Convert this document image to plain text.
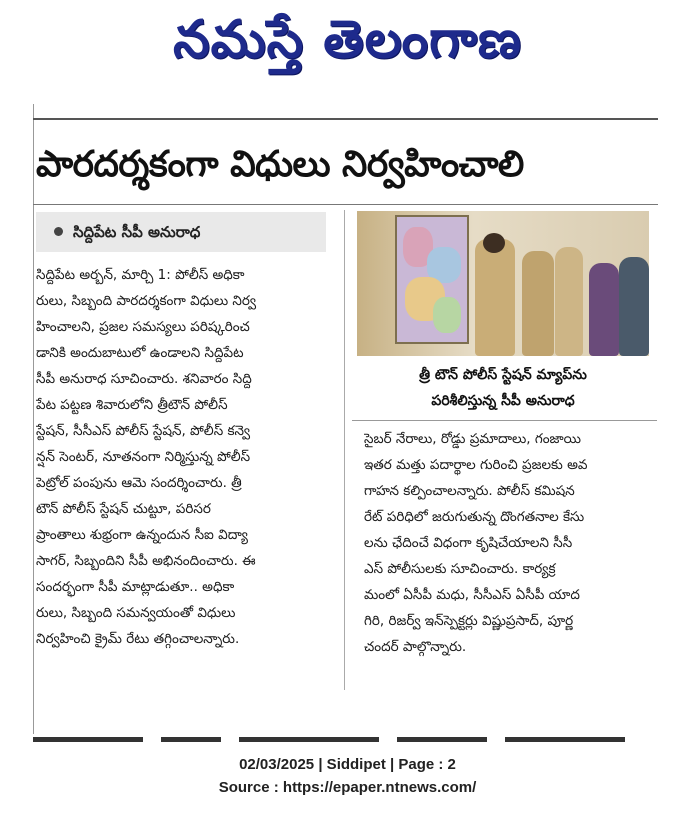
నమస్తే తెలంగాణ
పారదర్శకంగా విధులు నిర్వహించాలి
సిద్దిపేట సీపీ అనురాధ
సిద్దిపేట అర్బన్‌, మార్చి 1: పోలీస్‌ అధికా
రులు, సిబ్బంది పారదర్శకంగా విధులు నిర్వ
హించాలని, ప్రజల సమస్యలు పరిష్కరించ
డానికి అందుబాటులో ఉండాలని సిద్దిపేట
సీపీ అనురాధ సూచించారు. శనివారం సిద్ది
పేట పట్టణ శివారులోని త్రీటౌన్‌ పోలీస్‌
స్టేషన్‌, సీసీఎస్‌ పోలీస్‌ స్టేషన్‌, పోలీస్‌ కన్వె
న్షన్‌ సెంటర్‌, నూతనంగా నిర్మిస్తున్న పోలీస్‌
పెట్రోల్‌ పంపును ఆమె సందర్శించారు. త్రీ
టౌన్‌ పోలీస్‌ స్టేషన్‌ చుట్టూ, పరిసర
ప్రాంతాలు శుభ్రంగా ఉన్నందున సీఐ విద్యా
సాగర్‌, సిబ్బందిని సీపీ అభినందించారు. ఈ
సందర్భంగా సీపీ మాట్లాడుతూ.. అధికా
రులు, సిబ్బంది సమన్వయంతో విధులు
నిర్వహించి క్రైమ్‌ రేటు తగ్గించాలన్నారు.
త్రీ టౌన్‌ పోలీస్‌ స్టేషన్‌ మ్యాప్‌ను
పరిశీలిస్తున్న సీపీ అనురాధ
సైబర్‌ నేరాలు, రోడ్డు ప్రమాదాలు, గంజాయి
ఇతర మత్తు పదార్థాల గురించి ప్రజలకు అవ
గాహన కల్పించాలన్నారు. పోలీస్‌ కమిషన
రేట్‌ పరిధిలో జరుగుతున్న దొంగతనాల కేసు
లను ఛేదించే విధంగా కృషిచేయాలని సీసీ
ఎస్‌ పోలీసులకు సూచించారు. కార్యక్ర
మంలో ఏసీపీ మధు, సీసీఎస్‌ ఏసీపీ యాద
గిరి, రిజర్వ్‌ ఇన్‌స్పెక్టర్లు విష్ణుప్రసాద్‌, పూర్ణ
చందర్‌ పాల్గొన్నారు.
02/03/2025 | Siddipet | Page : 2
Source : https://epaper.ntnews.com/
